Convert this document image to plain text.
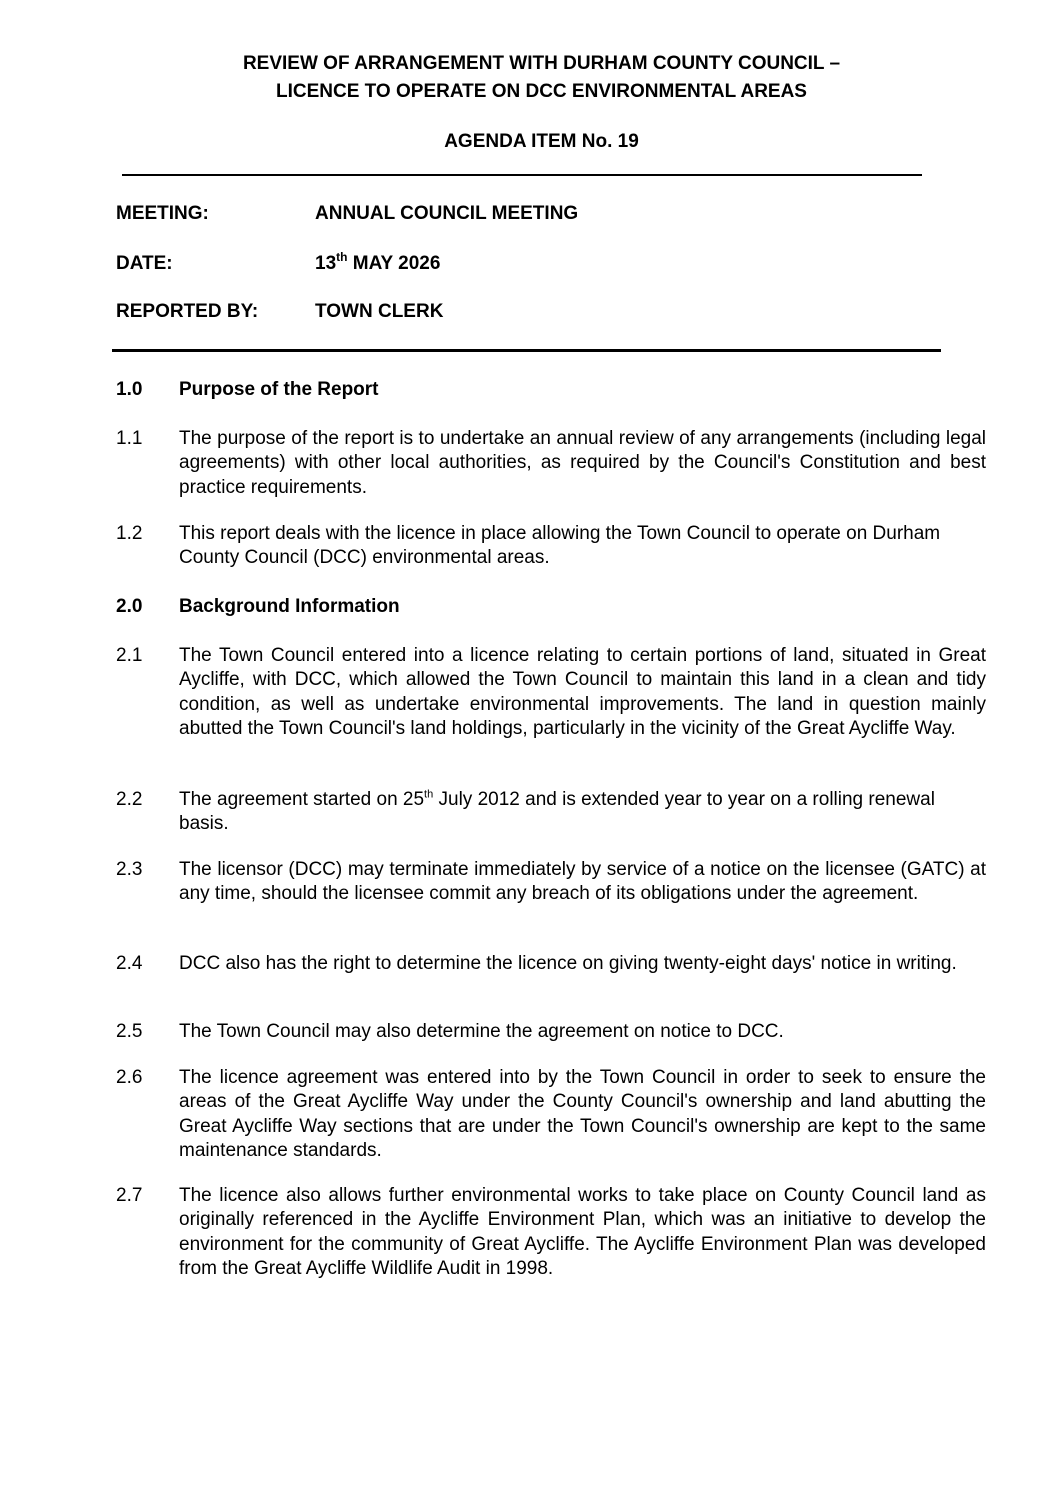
REVIEW OF ARRANGEMENT WITH DURHAM COUNTY COUNCIL –
LICENCE TO OPERATE ON DCC ENVIRONMENTAL AREAS
AGENDA ITEM No. 19
MEETING:	ANNUAL COUNCIL MEETING
DATE:	13th MAY 2026
REPORTED BY:	TOWN CLERK
1.0 Purpose of the Report
1.1 The purpose of the report is to undertake an annual review of any arrangements (including legal agreements) with other local authorities, as required by the Council's Constitution and best practice requirements.
1.2 This report deals with the licence in place allowing the Town Council to operate on Durham County Council (DCC) environmental areas.
2.0 Background Information
2.1 The Town Council entered into a licence relating to certain portions of land, situated in Great Aycliffe, with DCC, which allowed the Town Council to maintain this land in a clean and tidy condition, as well as undertake environmental improvements. The land in question mainly abutted the Town Council's land holdings, particularly in the vicinity of the Great Aycliffe Way.
2.2 The agreement started on 25th July 2012 and is extended year to year on a rolling renewal basis.
2.3 The licensor (DCC) may terminate immediately by service of a notice on the licensee (GATC) at any time, should the licensee commit any breach of its obligations under the agreement.
2.4 DCC also has the right to determine the licence on giving twenty-eight days' notice in writing.
2.5 The Town Council may also determine the agreement on notice to DCC.
2.6 The licence agreement was entered into by the Town Council in order to seek to ensure the areas of the Great Aycliffe Way under the County Council's ownership and land abutting the Great Aycliffe Way sections that are under the Town Council's ownership are kept to the same maintenance standards.
2.7 The licence also allows further environmental works to take place on County Council land as originally referenced in the Aycliffe Environment Plan, which was an initiative to develop the environment for the community of Great Aycliffe. The Aycliffe Environment Plan was developed from the Great Aycliffe Wildlife Audit in 1998.
